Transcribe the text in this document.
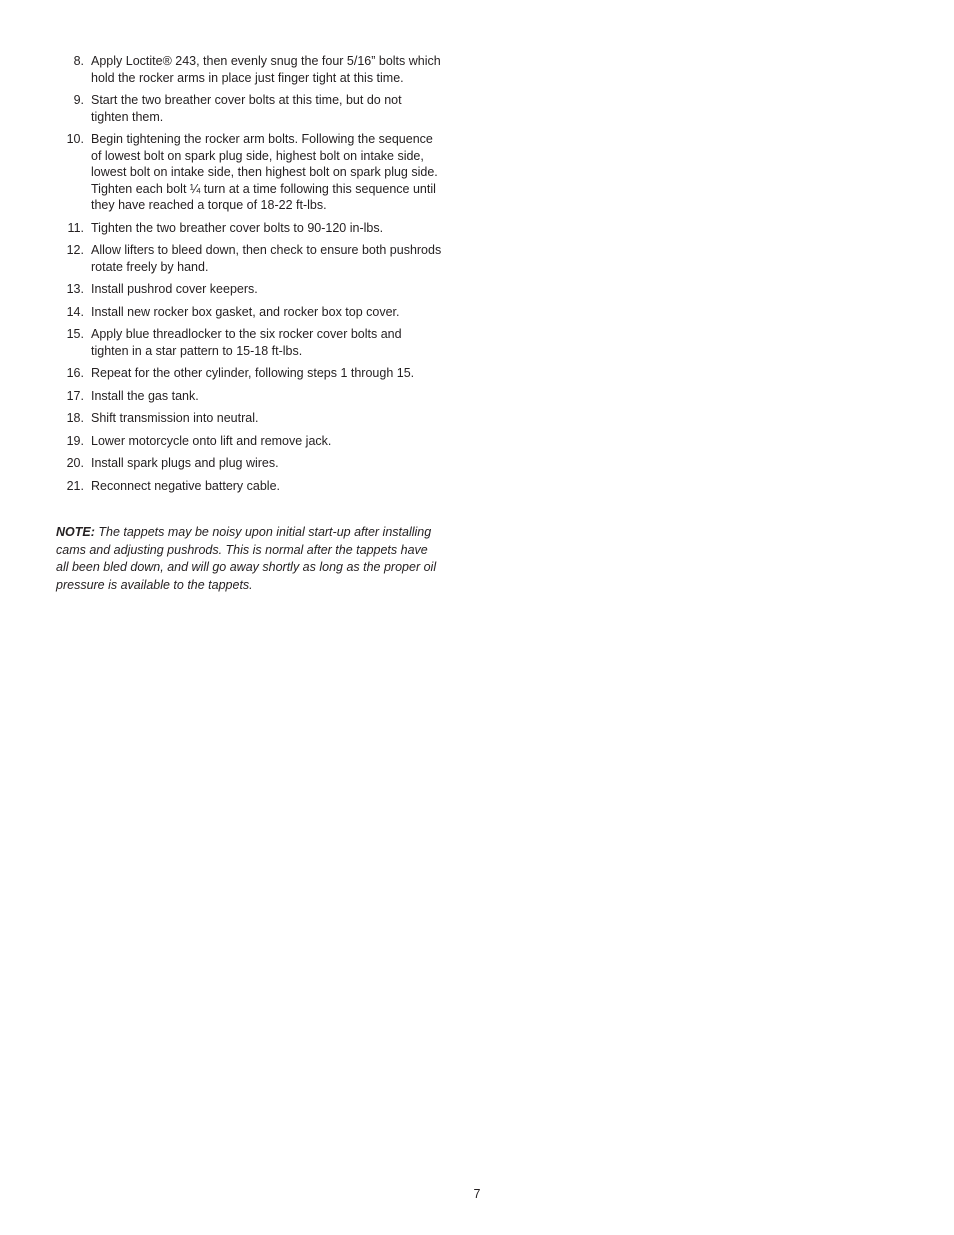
8. Apply Loctite® 243, then evenly snug the four 5/16” bolts which
hold the rocker arms in place just finger tight at this time.
9. Start the two breather cover bolts at this time, but do not
tighten them.
10. Begin tightening the rocker arm bolts. Following the sequence
of lowest bolt on spark plug side, highest bolt on intake side,
lowest bolt on intake side, then highest bolt on spark plug side.
Tighten each bolt ¼ turn at a time following this sequence until
they have reached a torque of 18-22 ft-lbs.
11. Tighten the two breather cover bolts to 90-120 in-lbs.
12. Allow lifters to bleed down, then check to ensure both pushrods
rotate freely by hand.
13. Install pushrod cover keepers.
14. Install new rocker box gasket, and rocker box top cover.
15. Apply blue threadlocker to the six rocker cover bolts and
tighten in a star pattern to 15-18 ft-lbs.
16. Repeat for the other cylinder, following steps 1 through 15.
17. Install the gas tank.
18. Shift transmission into neutral.
19. Lower motorcycle onto lift and remove jack.
20. Install spark plugs and plug wires.
21. Reconnect negative battery cable.

NOTE: The tappets may be noisy upon initial start-up after installing
cams and adjusting pushrods. This is normal after the tappets have
all been bled down, and will go away shortly as long as the proper oil
pressure is available to the tappets.

7
